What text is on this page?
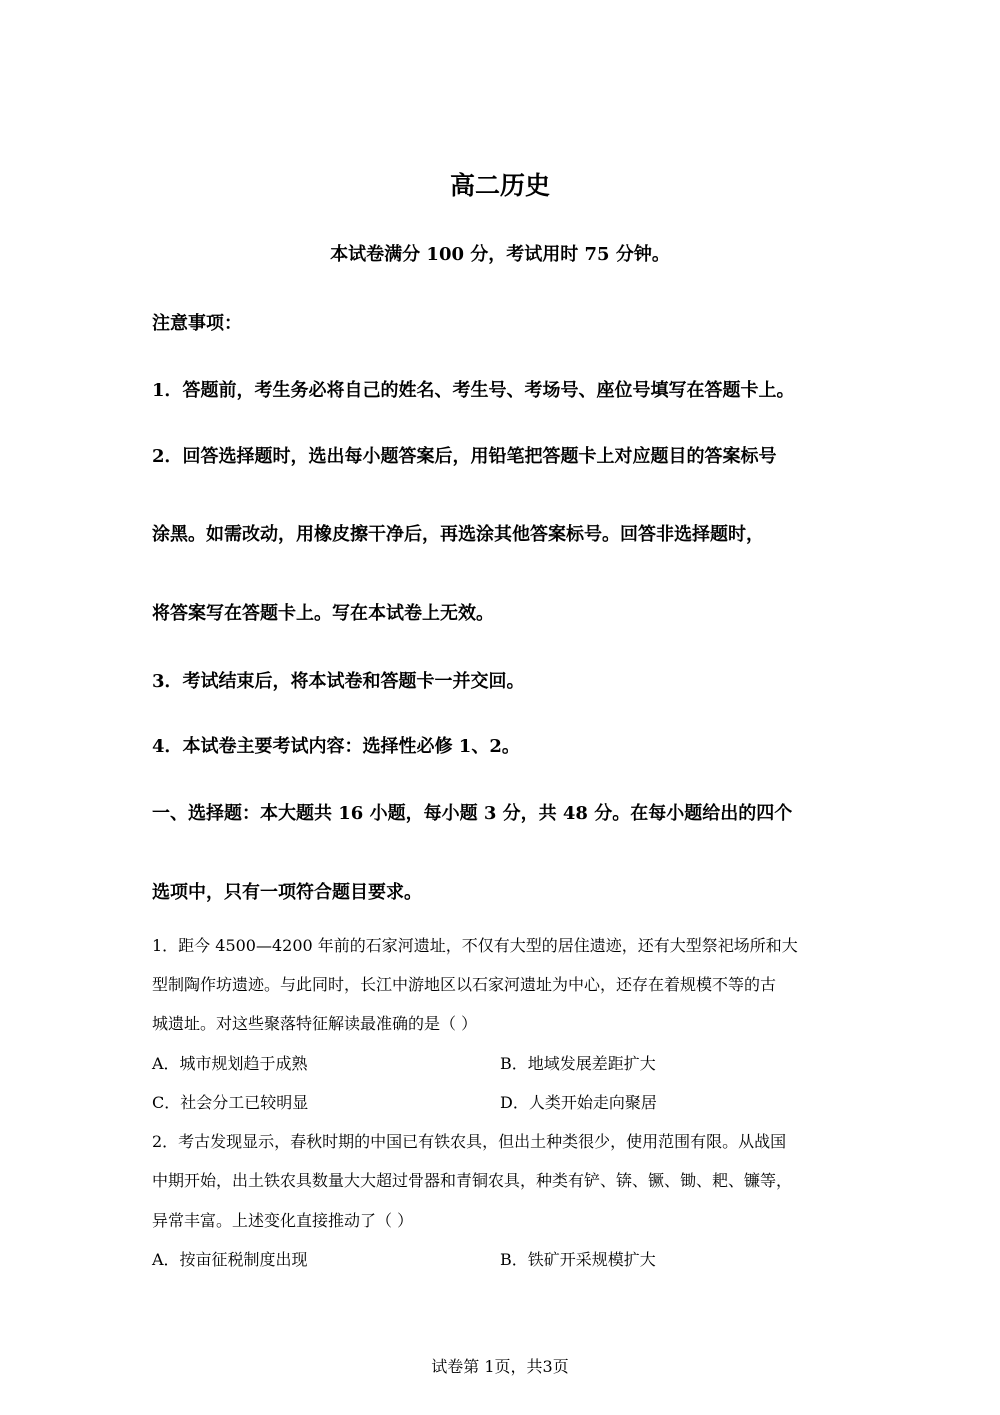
高二历史
本试卷满分 100 分，考试用时 75 分钟。
注意事项：
1．答题前，考生务必将自己的姓名、考生号、考场号、座位号填写在答题卡上。
2．回答选择题时，选出每小题答案后，用铅笔把答题卡上对应题目的答案标号
涂黑。如需改动，用橡皮擦干净后，再选涂其他答案标号。回答非选择题时，
将答案写在答题卡上。写在本试卷上无效。
3．考试结束后，将本试卷和答题卡一并交回。
4．本试卷主要考试内容：选择性必修 1、2。
一、选择题：本大题共 16 小题，每小题 3 分，共 48 分。在每小题给出的四个
选项中，只有一项符合题目要求。
1．距今 4500—4200 年前的石家河遗址，不仅有大型的居住遗迹，还有大型祭祀场所和大
型制陶作坊遗迹。与此同时，长江中游地区以石家河遗址为中心，还存在着规模不等的古
城遗址。对这些聚落特征解读最准确的是（ ）
A．城市规划趋于成熟	B．地域发展差距扩大
C．社会分工已较明显	D．人类开始走向聚居
2．考古发现显示，春秋时期的中国已有铁农具，但出土种类很少，使用范围有限。从战国
中期开始，出土铁农具数量大大超过骨器和青铜农具，种类有铲、锛、镢、锄、耙、镰等，
异常丰富。上述变化直接推动了（ ）
A．按亩征税制度出现	B．铁矿开采规模扩大
试卷第 1页，共3页
